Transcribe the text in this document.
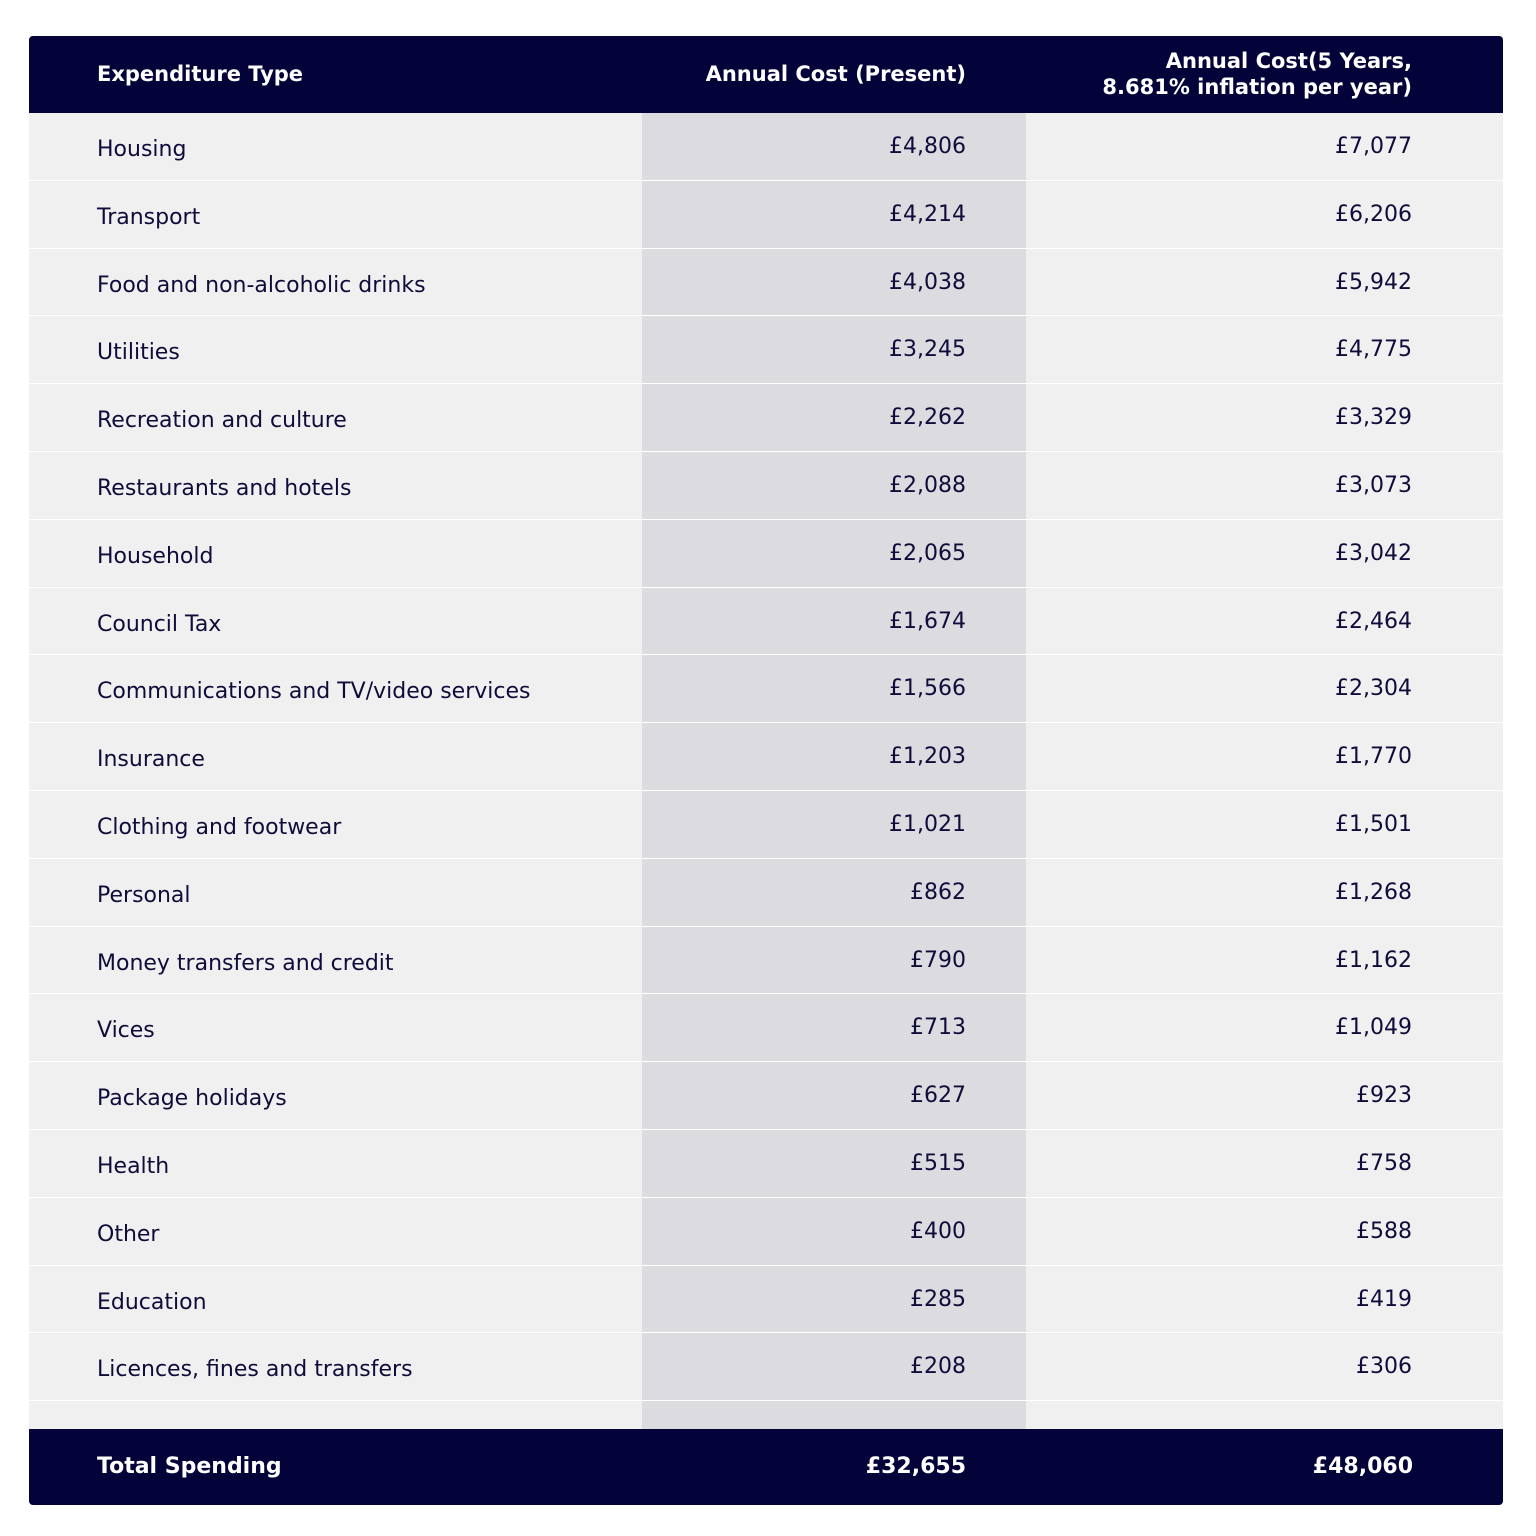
Expenditure Type	Annual Cost (Present)
Annual Cost(5 Years,
8.681% inflation per year)
Housing	£4,806	£7,077
Transport	£4,214	£6,206
Food and non-alcoholic drinks	£4,038	£5,942
Utilities	£3,245	£4,775
Recreation and culture	£2,262	£3,329
Restaurants and hotels	£2,088	£3,073
Household	£2,065	£3,042
Council Tax	£1,674	£2,464
Communications and TV/video services	£1,566	£2,304
Insurance	£1,203	£1,770
Clothing and footwear	£1,021	£1,501
Personal	£862	£1,268
Money transfers and credit	£790	£1,162
Vices	£713	£1,049
Package holidays	£627	£923
Health	£515	£758
Other	£400	£588
Education	£285	£419
Licences, fines and transfers	£208	£306
Total Spending	£32,655	£48,060
